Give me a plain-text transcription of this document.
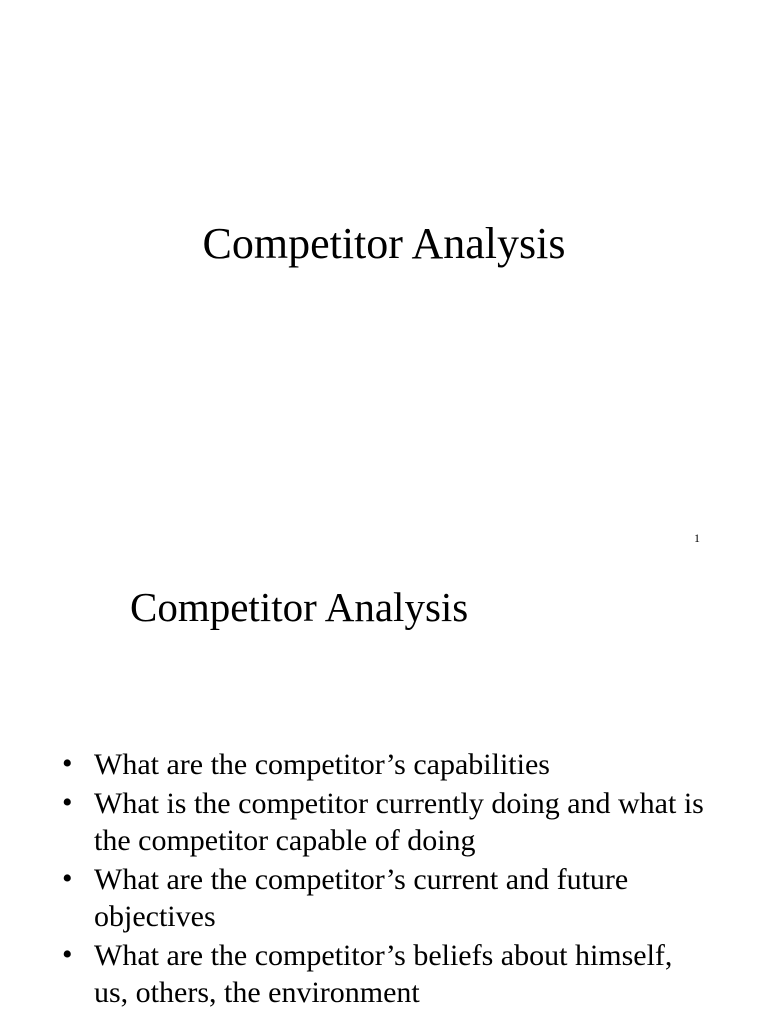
Competitor Analysis
1
Competitor Analysis
• What are the competitor’s capabilities
• What is the competitor currently doing and what is the competitor capable of doing
• What are the competitor’s current and future objectives
• What are the competitor’s beliefs about himself, us, others, the environment
